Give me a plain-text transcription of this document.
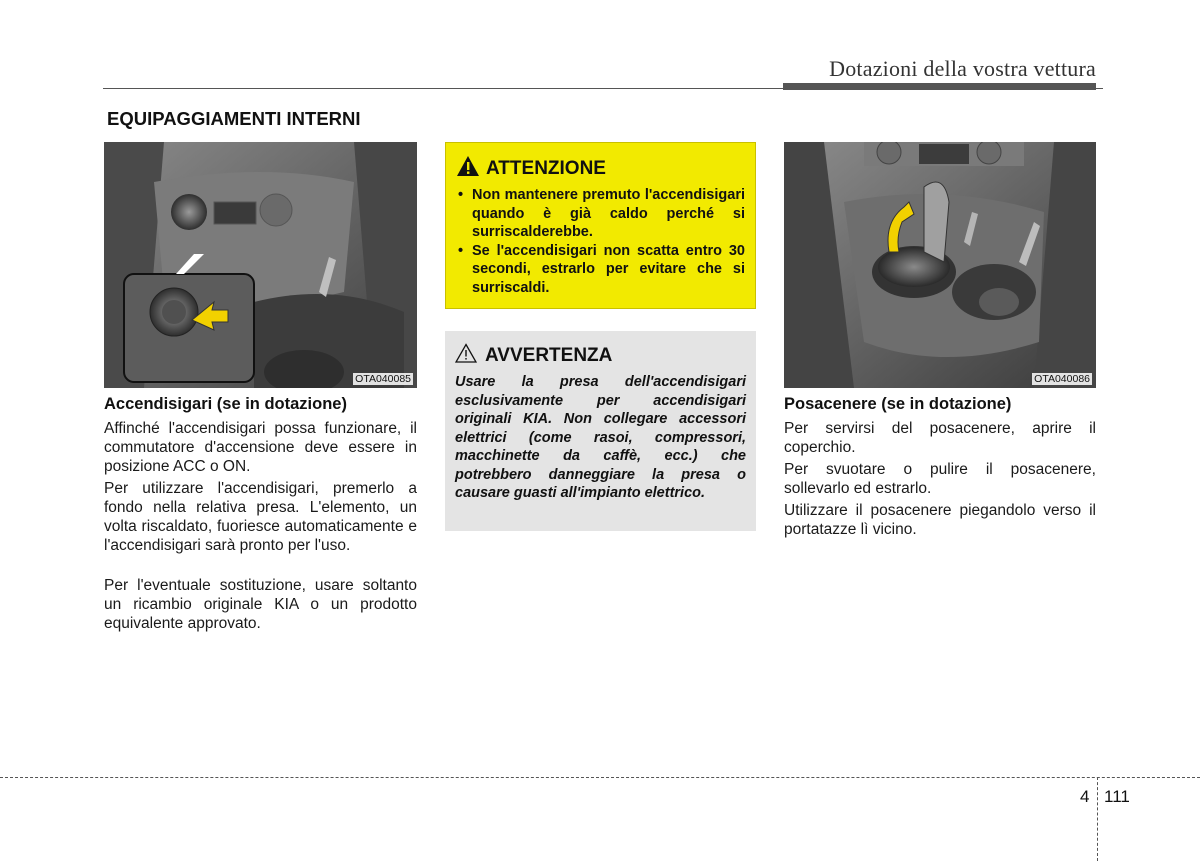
Dotazioni della vostra vettura
EQUIPAGGIAMENTI INTERNI
OTA040085
Accendisigari (se in dotazione)
Affinché l'accendisigari possa funzionare, il commutatore d'accensione deve essere in posizione ACC o ON.
Per utilizzare l'accendisigari, premerlo a fondo nella relativa presa. L'elemento, un volta riscaldato, fuoriesce automaticamente e l'accendisigari sarà pronto per l'uso.
Per l'eventuale sostituzione, usare soltanto un ricambio originale KIA o un prodotto equivalente approvato.
ATTENZIONE
• Non mantenere premuto l'accendisigari quando è già caldo perché si surriscalderebbe.
• Se l'accendisigari non scatta entro 30 secondi, estrarlo per evitare che si surriscaldi.
AVVERTENZA
Usare la presa dell'accendisigari esclusivamente per accendisigari originali KIA. Non collegare accessori elettrici (come rasoi, compressori, macchinette da caffè, ecc.) che potrebbero danneggiare la presa o causare guasti all'impianto elettrico.
OTA040086
Posacenere (se in dotazione)
Per servirsi del posacenere, aprire il coperchio.
Per svuotare o pulire il posacenere, sollevarlo ed estrarlo.
Utilizzare il posacenere piegandolo verso il portatazze lì vicino.
4 111
